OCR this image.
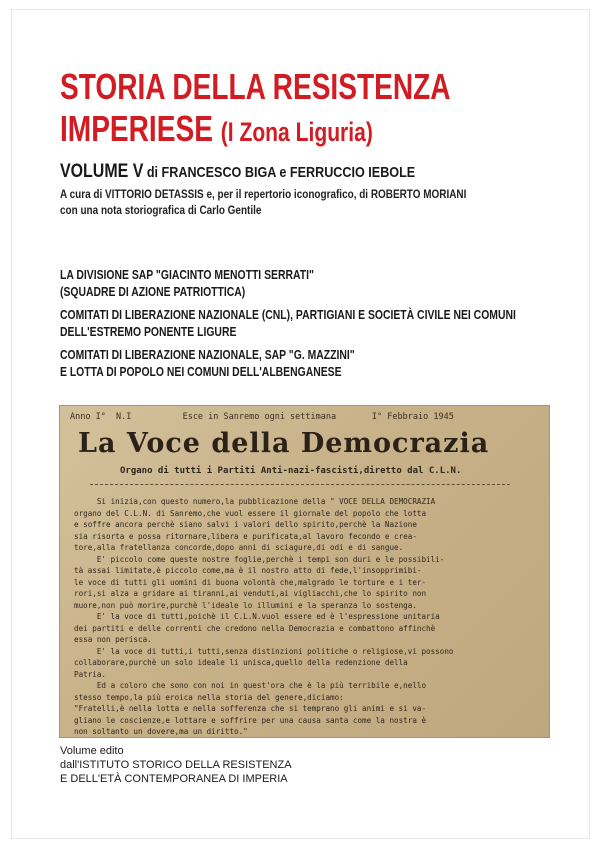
STORIA DELLA RESISTENZA
IMPERIESE (I Zona Liguria)
VOLUME V di FRANCESCO BIGA e FERRUCCIO IEBOLE
A cura di VITTORIO DETASSIS e, per il repertorio iconografico, di ROBERTO MORIANI
con una nota storiografica di Carlo Gentile

LA DIVISIONE SAP "GIACINTO MENOTTI SERRATI"
(SQUADRE DI AZIONE PATRIOTTICA)

COMITATI DI LIBERAZIONE NAZIONALE (CNL), PARTIGIANI E SOCIETÀ CIVILE NEI COMUNI
DELL'ESTREMO PONENTE LIGURE

COMITATI DI LIBERAZIONE NAZIONALE, SAP "G. MAZZINI"
E LOTTA DI POPOLO NEI COMUNI DELL'ALBENGANESE

Anno I°  N.I          Esce in Sanremo ogni settimana       I° Febbraio 1945
La Voce della Democrazia
Organo di tutti i Partiti Anti-nazi-fascisti,diretto dal C.L.N.

Si inizia,con questo numero,la pubblicazione della " VOCE DELLA DEMOCRAZIA

organo del C.L.N. di Sanremo,che vuol essere il giornale del popolo che lotta

e soffre ancora perchè siano salvi i valori dello spirito,perchè la Nazione

sia risorta e possa ritornare,libera e purificata,al lavoro fecondo e crea-

tore,alla fratellanza concorde,dopo anni di sciagure,di odi e di sangue.

E' piccolo come queste nostre foglie,perchè i tempi son duri e le possibili-

tà assai limitate,è piccolo come,ma è il nostro atto di fede,l'insopprimibi-

le voce di tutti gli uomini di buona volontà che,malgrado le torture e i ter-

rori,si alza a gridare ai tiranni,ai venduti,ai vigliacchi,che lo spirito non

muore,non può morire,purchè l'ideale lo illumini e la speranza lo sostenga.

E' la voce di tutti,poichè il C.L.N.vuol essere ed è l'espressione unitaria

dei partiti e delle correnti che credono nella Democrazia e combattono affinchè

essa non perisca.

E' la voce di tutti,i tutti,senza distinzioni politiche o religiose,vi possono

collaborare,purchè un solo ideale li unisca,quello della redenzione della

Patria.

Ed a coloro che sono con noi in quest'ora che è la più terribile e,nello

stesso tempo,la più eroica nella storia del genere,diciamo:

"Fratelli,è nella lotta e nella sofferenza che si temprano gli animi e si va-

gliano le coscienze,e lottare e soffrire per una causa santa come la nostra è

non soltanto un dovere,ma un diritto."

Volume edito
dall'ISTITUTO STORICO DELLA RESISTENZA
E DELL'ETÀ CONTEMPORANEA DI IMPERIA
